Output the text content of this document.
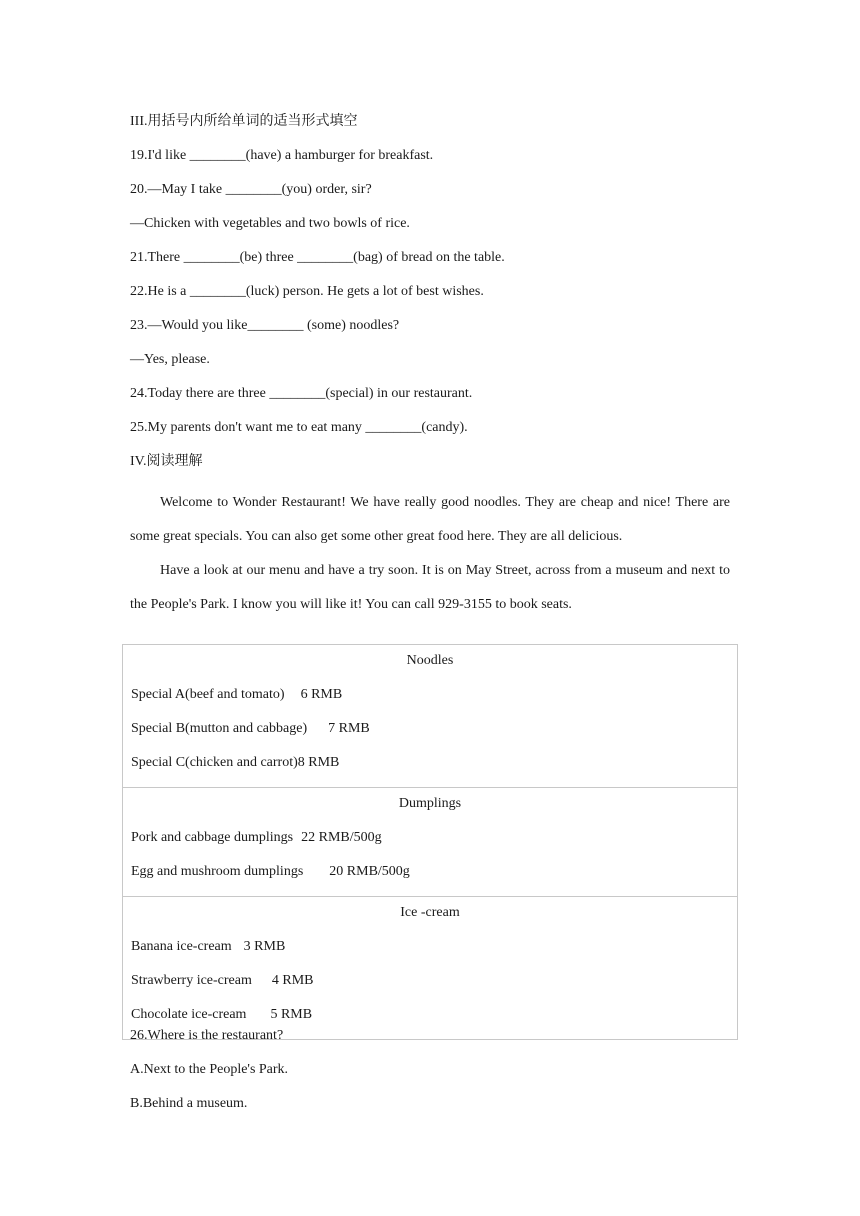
III.用括号内所给单词的适当形式填空
19.I'd like ________(have) a hamburger for breakfast.
20.—May I take ________(you) order, sir?
—Chicken with vegetables and two bowls of rice.
21.There ________(be) three ________(bag) of bread on the table.
22.He is a ________(luck) person. He gets a lot of best wishes.
23.—Would you like________ (some) noodles?
—Yes, please.
24.Today there are three ________(special) in our restaurant.
25.My parents don't want me to eat many ________(candy).
IV.阅读理解

Welcome to Wonder Restaurant! We have really good noodles. They are cheap and nice! There are some great specials. You can also get some other great food here. They are all delicious.

Have a look at our menu and have a try soon. It is on May Street, across from a museum and next to the People's Park. I know you will like it! You can call 929-3155 to book seats.

Noodles
Special A(beef and tomato) 6 RMB
Special B(mutton and cabbage) 7 RMB
Special C(chicken and carrot)8 RMB

Dumplings
Pork and cabbage dumplings 22 RMB/500g
Egg and mushroom dumplings 20 RMB/500g

Ice -cream
Banana ice-cream 3 RMB
Strawberry ice-cream 4 RMB
Chocolate ice-cream 5 RMB
26.Where is the restaurant?
A.Next to the People's Park.
B.Behind a museum.
